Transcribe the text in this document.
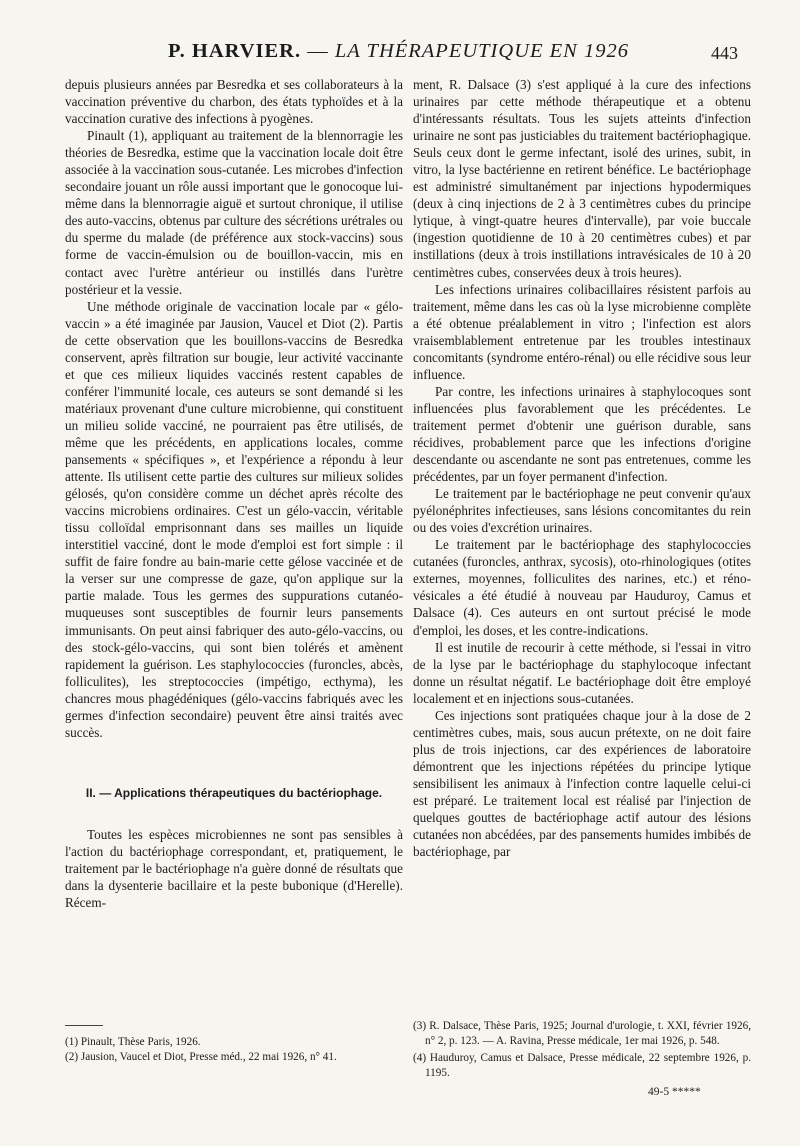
P. HARVIER. — LA THÉRAPEUTIQUE EN 1926	443

depuis plusieurs années par Besredka et ses collaborateurs à la vaccination préventive du charbon, des états typhoïdes et à la vaccination curative des infections à pyogènes.

Pinault (1), appliquant au traitement de la blennorragie les théories de Besredka, estime que la vaccination locale doit être associée à la vaccination sous-cutanée. Les microbes d'infection secondaire jouant un rôle aussi important que le gonocoque lui-même dans la blennorragie aiguë et surtout chronique, il utilise des auto-vaccins, obtenus par culture des sécrétions urétrales ou du sperme du malade (de préférence aux stock-vaccins) sous forme de vaccin-émulsion ou de bouillon-vaccin, mis en contact avec l'urètre antérieur ou instillés dans l'urètre postérieur et la vessie.

Une méthode originale de vaccination locale par « gélo-vaccin » a été imaginée par Jausion, Vaucel et Diot (2). Partis de cette observation que les bouillons-vaccins de Besredka conservent, après filtration sur bougie, leur activité vaccinante et que ces milieux liquides vaccinés restent capables de conférer l'immunité locale, ces auteurs se sont demandé si les matériaux provenant d'une culture microbienne, qui constituent un milieu solide vacciné, ne pourraient pas être utilisés, de même que les précédents, en applications locales, comme pansements « spécifiques », et l'expérience a répondu à leur attente. Ils utilisent cette partie des cultures sur milieux solides gélosés, qu'on considère comme un déchet après récolte des vaccins microbiens ordinaires. C'est un gélo-vaccin, véritable tissu colloïdal emprisonnant dans ses mailles un liquide interstitiel vacciné, dont le mode d'emploi est fort simple : il suffit de faire fondre au bain-marie cette gélose vaccinée et de la verser sur une compresse de gaze, qu'on applique sur la partie malade. Tous les germes des suppurations cutanéo-muqueuses sont susceptibles de fournir leurs pansements immunisants. On peut ainsi fabriquer des auto-gélo-vaccins, ou des stock-gélo-vaccins, qui sont bien tolérés et amènent rapidement la guérison. Les staphylococcies (furoncles, abcès, folliculites), les streptococcies (impétigo, ecthyma), les chancres mous phagédéniques (gélo-vaccins fabriqués avec les germes d'infection secondaire) peuvent être ainsi traités avec succès.

II. — Applications thérapeutiques du bactériophage.

Toutes les espèces microbiennes ne sont pas sensibles à l'action du bactériophage correspondant, et, pratiquement, le traitement par le bactériophage n'a guère donné de résultats que dans la dysenterie bacillaire et la peste bubonique (d'Herelle). Récem-

ment, R. Dalsace (3) s'est appliqué à la cure des infections urinaires par cette méthode thérapeutique et a obtenu d'intéressants résultats. Tous les sujets atteints d'infection urinaire ne sont pas justiciables du traitement bactériophagique. Seuls ceux dont le germe infectant, isolé des urines, subit, in vitro, la lyse bactérienne en retirent bénéfice. Le bactériophage est administré simultanément par injections hypodermiques (deux à cinq injections de 2 à 3 centimètres cubes du principe lytique, à vingt-quatre heures d'intervalle), par voie buccale (ingestion quotidienne de 10 à 20 centimètres cubes) et par instillations (deux à trois instillations intravésicales de 10 à 20 centimètres cubes, conservées deux à trois heures).

Les infections urinaires colibacillaires résistent parfois au traitement, même dans les cas où la lyse microbienne complète a été obtenue préalablement in vitro ; l'infection est alors vraisemblablement entretenue par les troubles intestinaux concomitants (syndrome entéro-rénal) ou elle récidive sous leur influence.

Par contre, les infections urinaires à staphylocoques sont influencées plus favorablement que les précédentes. Le traitement permet d'obtenir une guérison durable, sans récidives, probablement parce que les infections d'origine descendante ou ascendante ne sont pas entretenues, comme les précédentes, par un foyer permanent d'infection.

Le traitement par le bactériophage ne peut convenir qu'aux pyélonéphrites infectieuses, sans lésions concomitantes du rein ou des voies d'excrétion urinaires.

Le traitement par le bactériophage des staphylococcies cutanées (furoncles, anthrax, sycosis), oto-rhinologiques (otites externes, moyennes, folliculites des narines, etc.) et réno-vésicales a été étudié à nouveau par Hauduroy, Camus et Dalsace (4). Ces auteurs en ont surtout précisé le mode d'emploi, les doses, et les contre-indications.

Il est inutile de recourir à cette méthode, si l'essai in vitro de la lyse par le bactériophage du staphylocoque infectant donne un résultat négatif. Le bactériophage doit être employé localement et en injections sous-cutanées.

Ces injections sont pratiquées chaque jour à la dose de 2 centimètres cubes, mais, sous aucun prétexte, on ne doit faire plus de trois injections, car des expériences de laboratoire démontrent que les injections répétées du principe lytique sensibilisent les animaux à l'infection contre laquelle celui-ci est préparé. Le traitement local est réalisé par l'injection de quelques gouttes de bactériophage actif autour des lésions cutanées non abcédées, par des pansements humides imbibés de bactériophage, par

(1) Pinault, Thèse Paris, 1926.

(2) Jausion, Vaucel et Diot, Presse méd., 22 mai 1926, n° 41.

(3) R. Dalsace, Thèse Paris, 1925; Journal d'urologie, t. XXI, février 1926, n° 2, p. 123. — A. Ravina, Presse médicale, 1er mai 1926, p. 548.

(4) Hauduroy, Camus et Dalsace, Presse médicale, 22 septembre 1926, p. 1195.

49-5 *****
